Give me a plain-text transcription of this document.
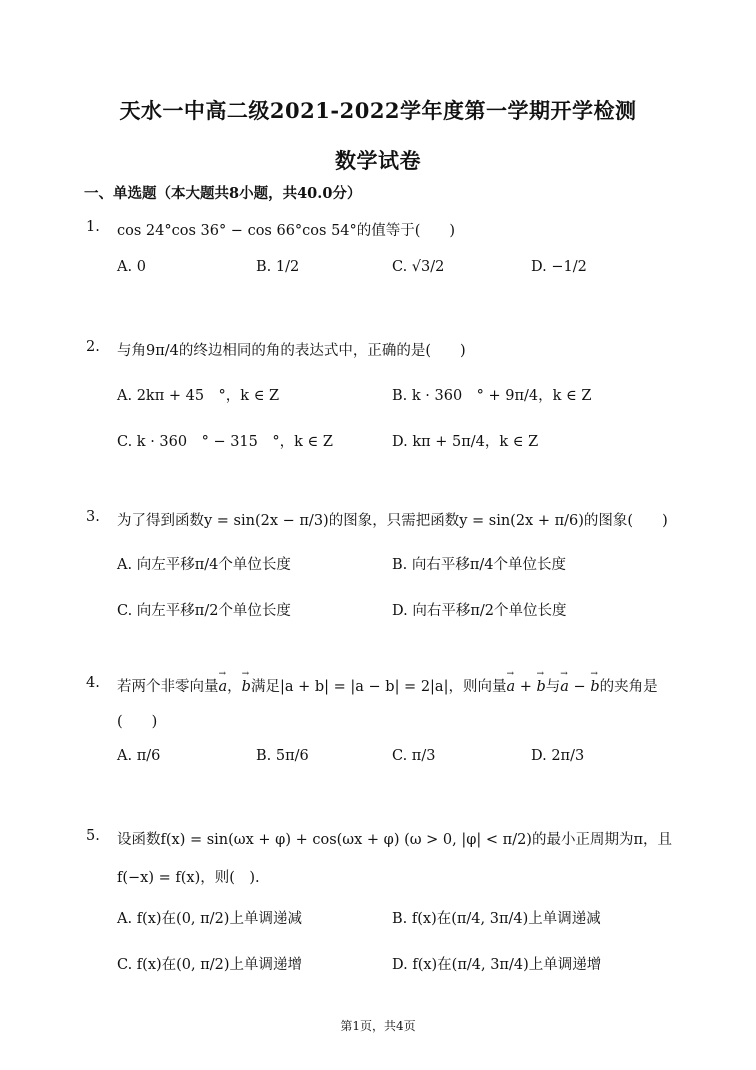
天水一中高二级2021-2022学年度第一学期开学检测
数学试卷
一、单选题（本大题共8小题，共40.0分）
1. cos 24°cos 36° − cos 66°cos 54°的值等于(　　)
A. 0	B. 1/2	C. √3/2	D. −1/2
2. 与角9π/4的终边相同的角的表达式中，正确的是(　　)
A. 2kπ + 45　°，k ∈ Z	B. k · 360　° + 9π/4，k ∈ Z
C. k · 360　° − 315　°，k ∈ Z	D. kπ + 5π/4，k ∈ Z
3. 为了得到函数y = sin(2x − π/3)的图象，只需把函数y = sin(2x + π/6)的图象(　　)
A. 向左平移π/4个单位长度	B. 向右平移π/4个单位长度
C. 向左平移π/2个单位长度	D. 向右平移π/2个单位长度
4. 若两个非零向量→ a，→ b满足|a + b| = |a − b| = 2|a|，则向量→ a + → b与→ a − → b的夹角是
(　　)
A. π/6	B. 5π/6	C. π/3	D. 2π/3
5. 设函数f(x) = sin(ωx + φ) + cos(ωx + φ) (ω > 0, |φ| < π/2)的最小正周期为π，且
f(−x) = f(x)，则(　).
A. f(x)在(0, π/2)上单调递减	B. f(x)在(π/4, 3π/4)上单调递减
C. f(x)在(0, π/2)上单调递增	D. f(x)在(π/4, 3π/4)上单调递增
第1页，共4页
